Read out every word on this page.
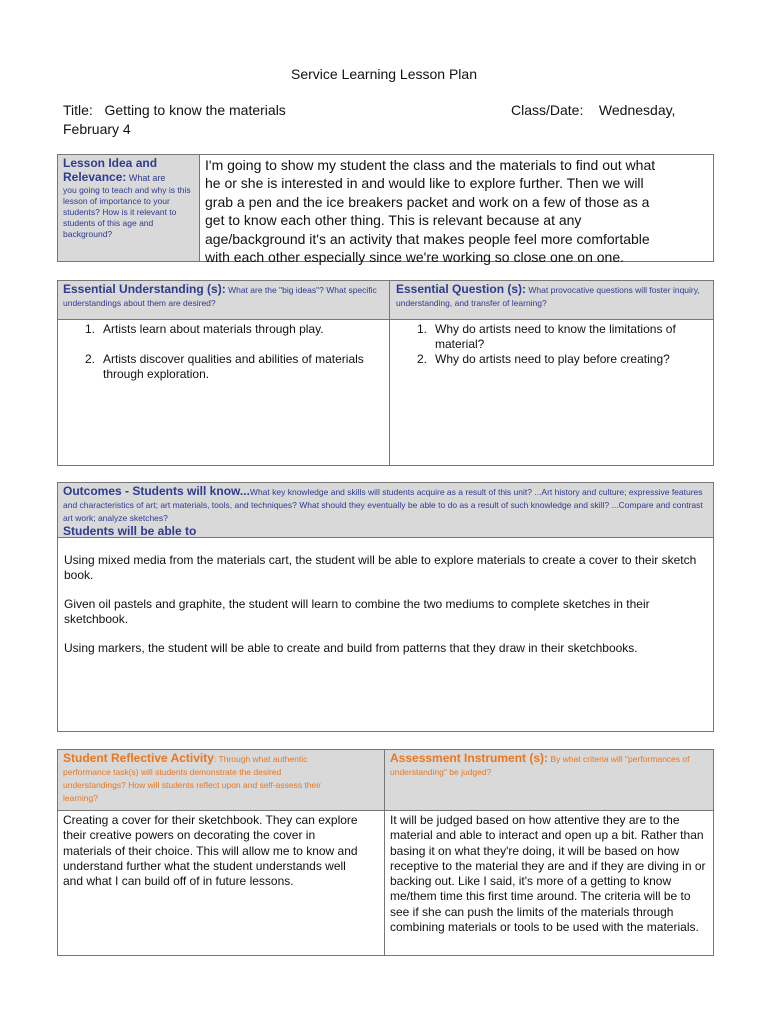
Service Learning Lesson Plan
Title: Getting to know the materials	Class/Date: Wednesday,
February 4
Lesson Idea and
Relevance: What are
you going to teach and why is this lesson of importance to your students? How is it relevant to students of this age and background?
I'm going to show my student the class and the materials to find out what
he or she is interested in and would like to explore further. Then we will
grab a pen and the ice breakers packet and work on a few of those as a
get to know each other thing. This is relevant because at any
age/background it's an activity that makes people feel more comfortable
with each other especially since we're working so close one on one.
Essential Understanding (s): What are the "big ideas"? What specific understandings about them are desired?
Essential Question (s): What provocative questions will foster inquiry, understanding, and transfer of learning?
1. Artists learn about materials through play.
2. Artists discover qualities and abilities of materials through exploration.
1. Why do artists need to know the limitations of material?
2. Why do artists need to play before creating?
Outcomes - Students will know...What key knowledge and skills will students acquire as a result of this unit? ...Art history and culture; expressive features and characteristics of art; art materials, tools, and techniques? What should they eventually be able to do as a result of such knowledge and skill? ...Compare and contrast art work; analyze sketches?
Students will be able to

Using mixed media from the materials cart, the student will be able to explore materials to create a cover to their sketch book.

Given oil pastels and graphite, the student will learn to combine the two mediums to complete sketches in their sketchbook.

Using markers, the student will be able to create and build from patterns that they draw in their sketchbooks.

Student Reflective Activity: Through what authentic performance task(s) will students demonstrate the desired understandings? How will students reflect upon and self-assess their learning?
Assessment Instrument (s): By what criteria will "performances of understanding" be judged?
Creating a cover for their sketchbook. They can explore their creative powers on decorating the cover in materials of their choice. This will allow me to know and understand further what the student understands well and what I can build off of in future lessons.
It will be judged based on how attentive they are to the material and able to interact and open up a bit. Rather than basing it on what they're doing, it will be based on how receptive to the material they are and if they are diving in or backing out. Like I said, it's more of a getting to know me/them time this first time around. The criteria will be to see if she can push the limits of the materials through combining materials or tools to be used with the materials.
